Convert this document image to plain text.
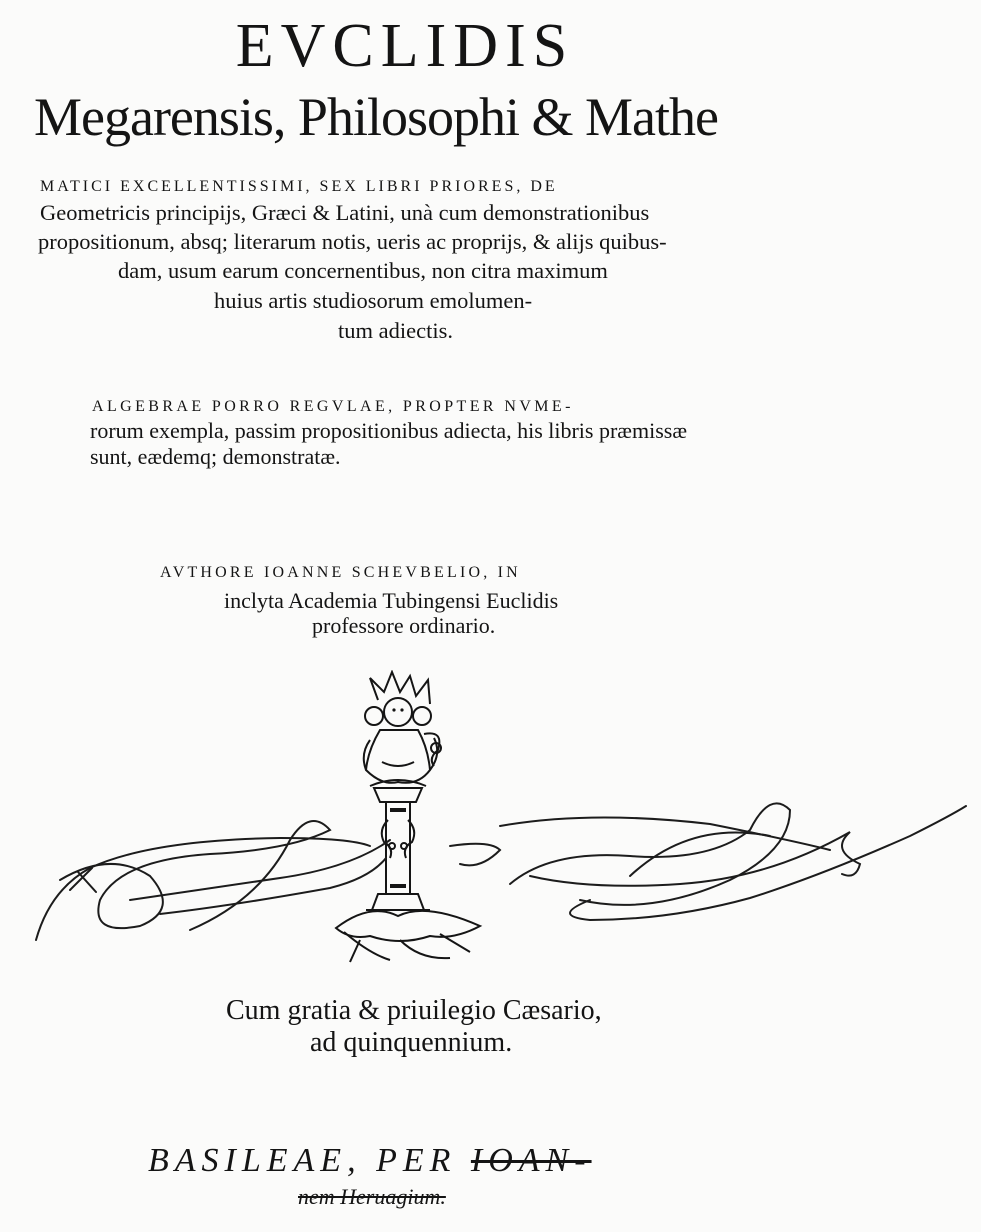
EVCLIDIS
Megarensis, Philosophi & Mathe
MATICI EXCELLENTISSIMI, SEX LIBRI PRIORES, DE
Geometricis principijs, Græci & Latini, unà cum demonstrationibus
propositionum, absq; literarum notis, ueris ac proprijs, & alijs quibus-
dam, usum earum concernentibus, non citra maximum
huius artis studiosorum emolumen-
tum adiectis.
ALGEBRAE PORRO REGVLAE, PROPTER NVME-
rorum exempla, passim propositionibus adiecta, his libris præmissæ
sunt, eædemq; demonstratæ.
AVTHORE IOANNE SCHEVBELIO, IN
inclyta Academia Tubingensi Euclidis
professore ordinario.
Cum gratia & priuilegio Cæsario,
ad quinquennium.
BASILEAE, PER IOAN-
nem Heruagium.
